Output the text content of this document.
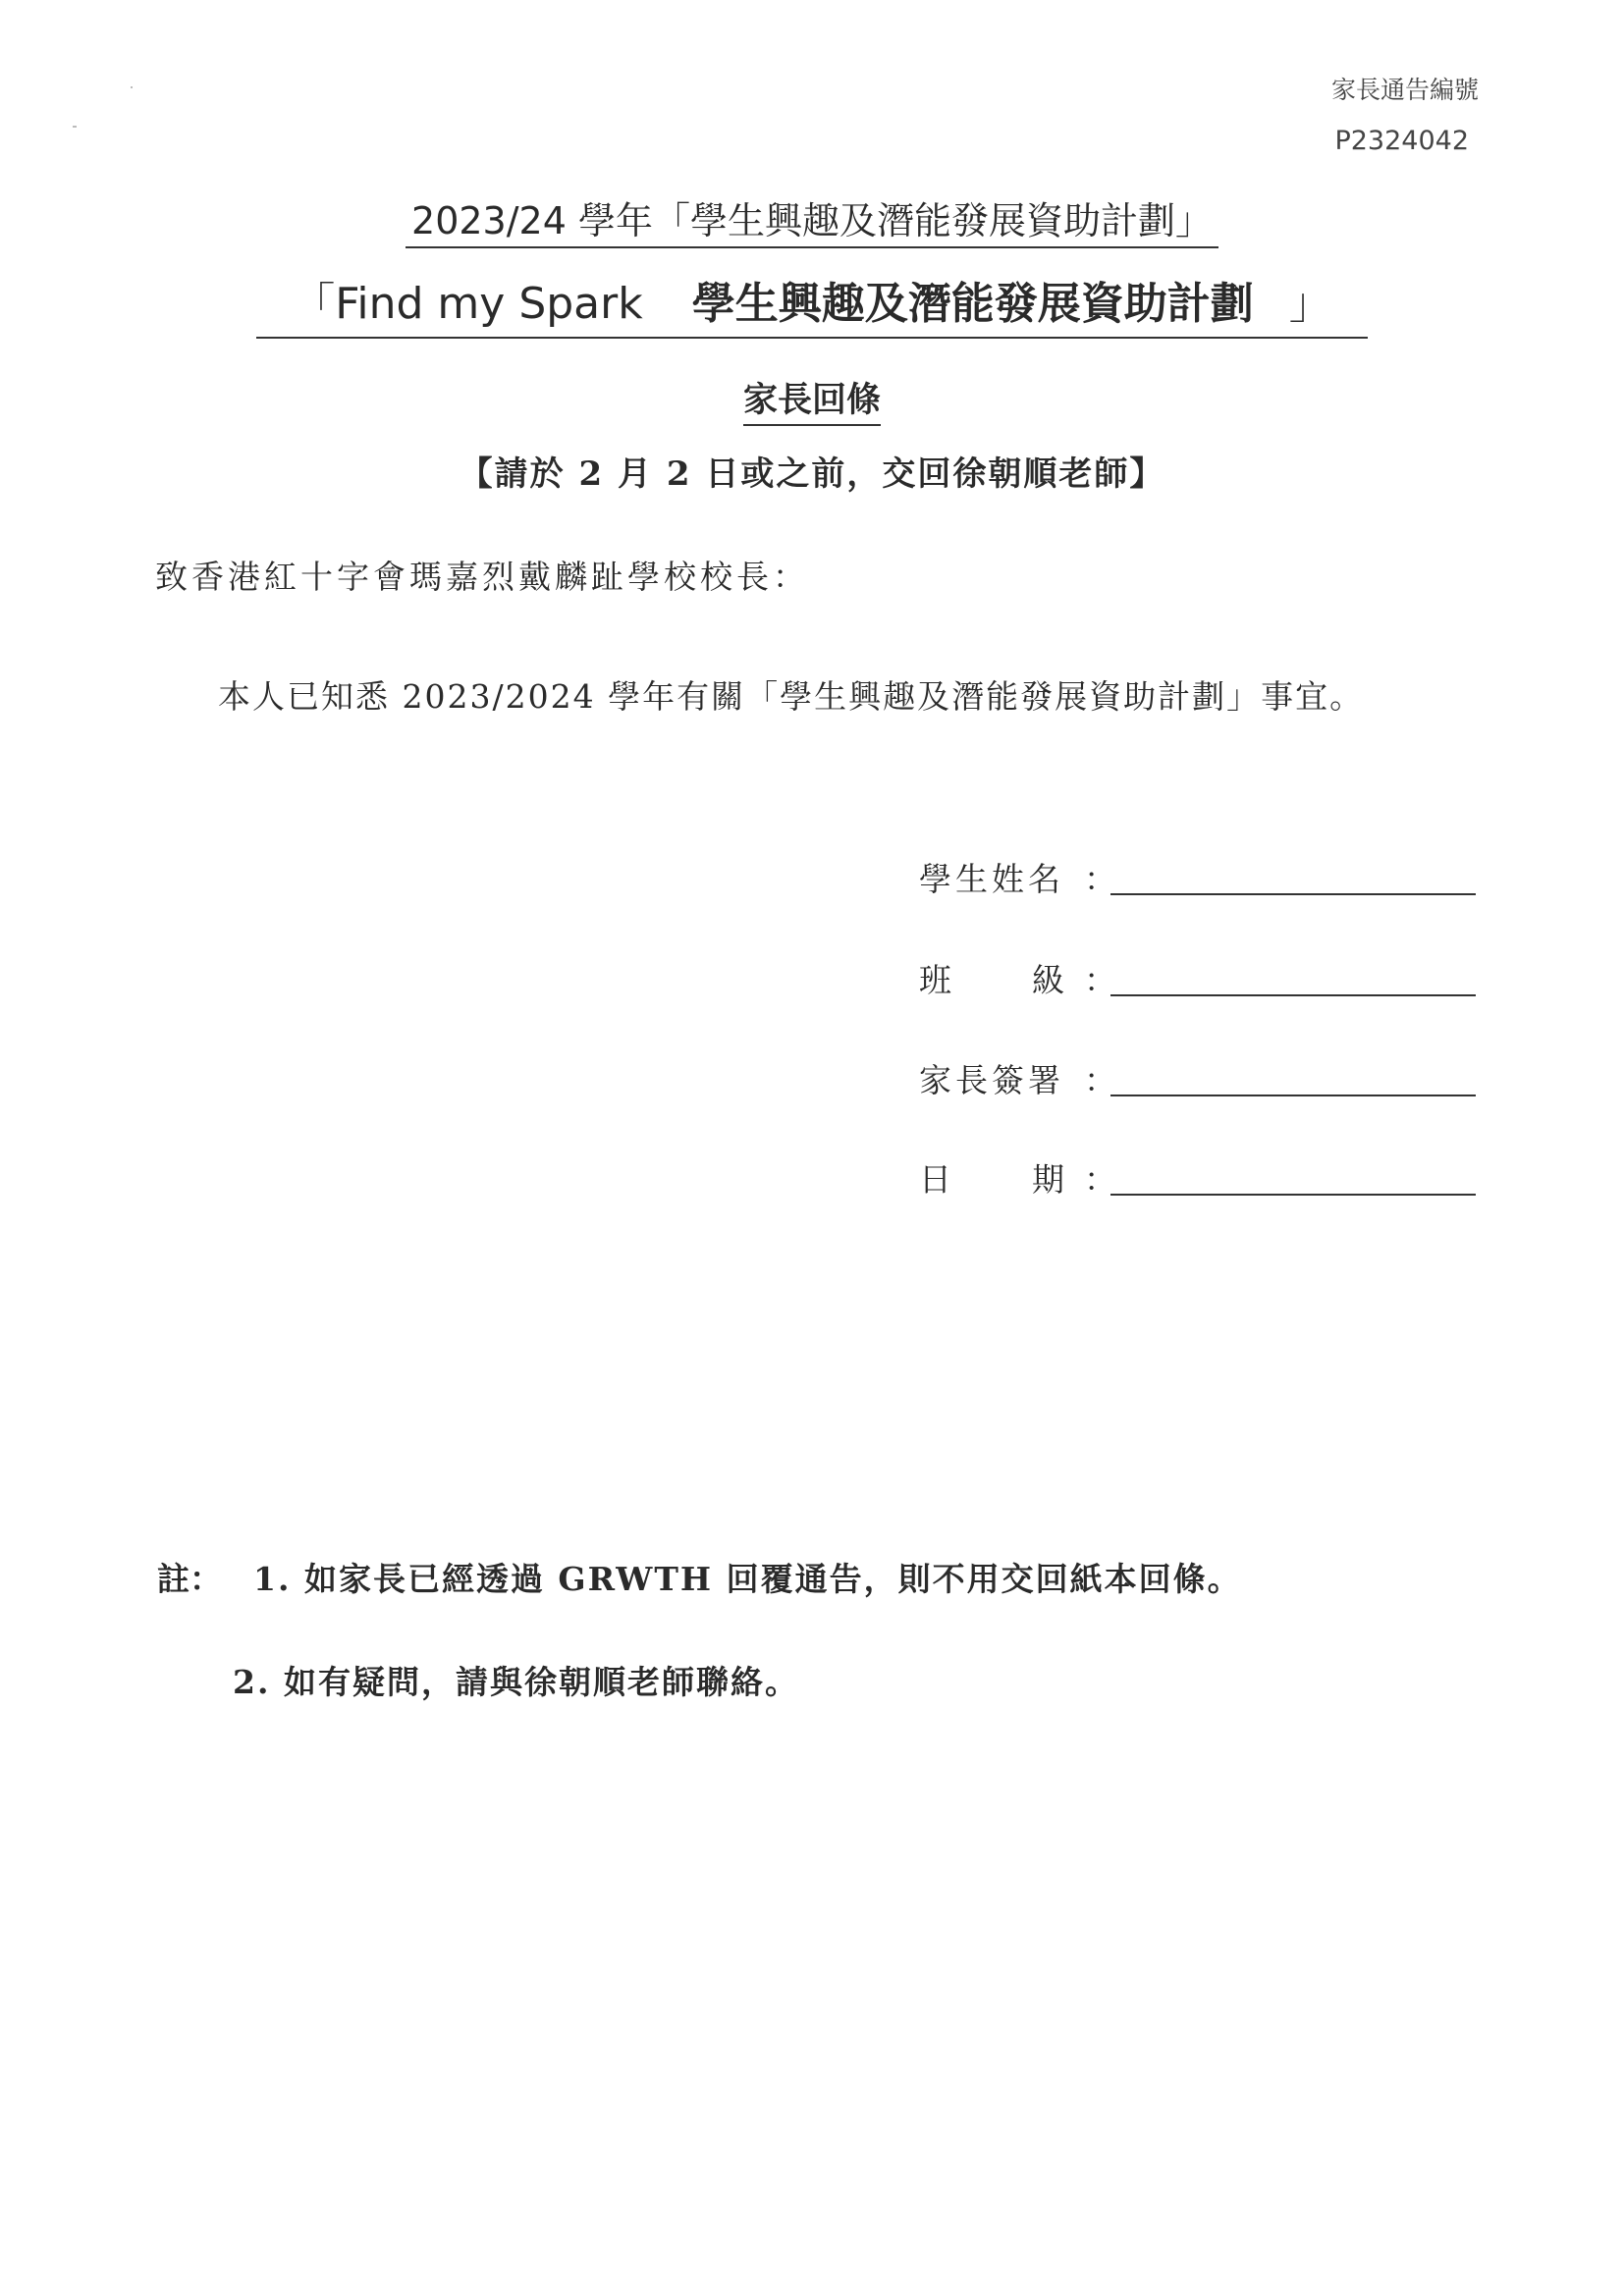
家長通告編號
P2324042
2023/24 學年「學生興趣及潛能發展資助計劃」
「Find my Spark 學生興趣及潛能發展資助計劃 」
家長回條
【請於 2 月 2 日或之前，交回徐朝順老師】
致香港紅十字會瑪嘉烈戴麟趾學校校長：
本人已知悉 2023/2024 學年有關「學生興趣及潛能發展資助計劃」事宜。
學生姓名 ：
班 級 ：
家長簽署 ：
日 期 ：
註： 1. 如家長已經透過 GRWTH 回覆通告，則不用交回紙本回條。
2. 如有疑問，請與徐朝順老師聯絡。
